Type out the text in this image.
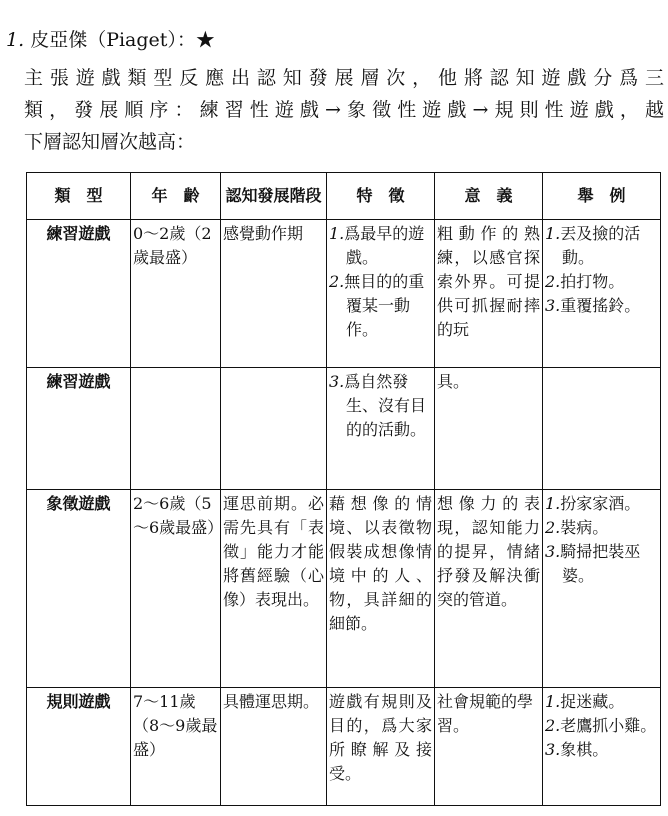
1. 皮亞傑（Piaget）：★
主張遊戲類型反應出認知發展層次，他將認知遊戲分爲三
類，發展順序：練習性遊戲→象徵性遊戲→規則性遊戲，越
下層認知層次越高：
類　型	年　齡	認知發展階段	特　徵	意　義	舉　例
練習遊戲	0～2歲（2歲最盛）	感覺動作期	1.爲最早的遊戲。
2.無目的的重覆某一動作。	粗動作的熟練，以感官探索外界。可提供可抓握耐摔的玩	1.丟及撿的活動。
2.拍打物。
3.重覆搖鈴。

練習遊戲			3.爲自然發生、沒有目的的活動。	具。	
象徵遊戲	2～6歲（5～6歲最盛）	運思前期。必需先具有「表徵」能力才能將舊經驗（心像）表現出。	藉想像的情境、以表徵物假裝成想像情境中的人、物，具詳細的細節。	想像力的表現，認知能力的提昇，情緒抒發及解決衝突的管道。	1.扮家家酒。
2.裝病。
3.騎掃把裝巫婆。

規則遊戲	7～11歲（8～9歲最盛）	具體運思期。	遊戲有規則及目的，爲大家所瞭解及接受。	社會規範的學習。	1.捉迷藏。
2.老鷹抓小雞。
3.象棋。
